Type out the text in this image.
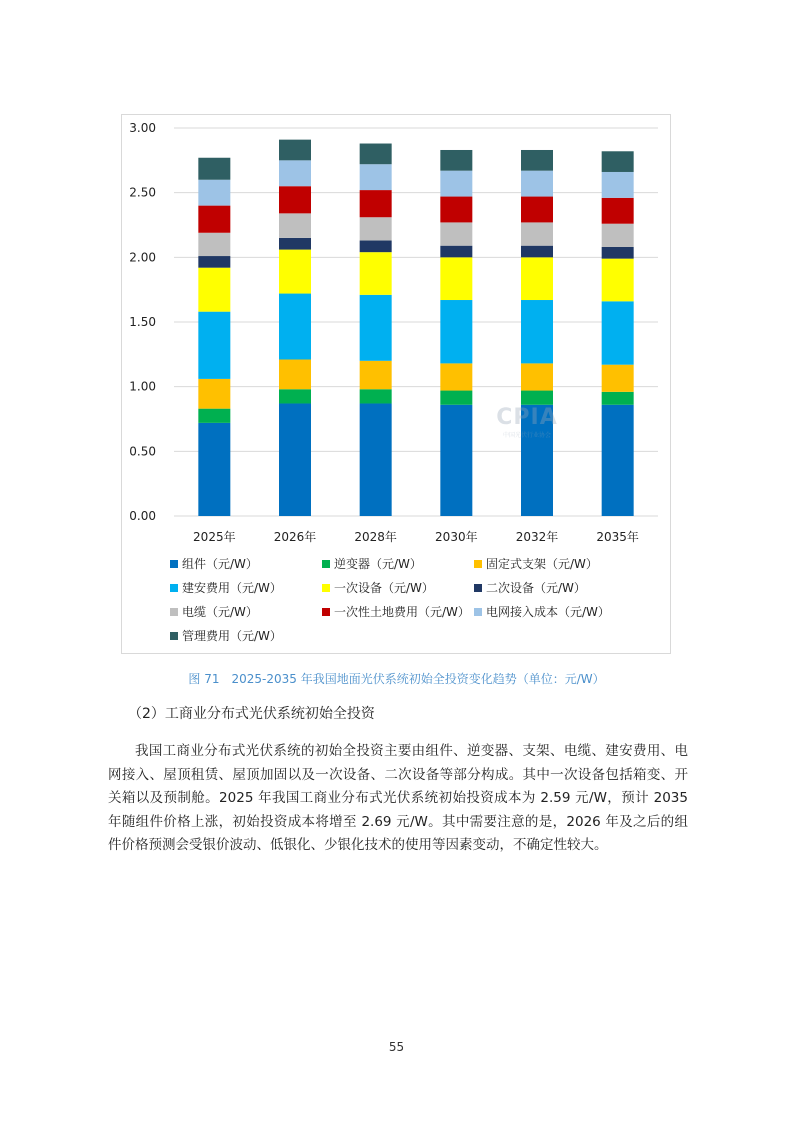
0.00
0.50
1.00
1.50
2.00
2.50
3.00
2025年	2026年	2028年	2030年	2032年	2035年
CPIA
中国光伏行业协会
组件（元/W）	逆变器（元/W）	固定式支架（元/W）
建安费用（元/W）	一次设备（元/W）	二次设备（元/W）
电缆（元/W）	一次性土地费用（元/W） 电网接入成本（元/W）
管理费用（元/W）
图 71　2025-2035 年我国地面光伏系统初始全投资变化趋势（单位：元/W）
（2）工商业分布式光伏系统初始全投资

我国工商业分布式光伏系统的初始全投资主要由组件、逆变器、支架、电缆、建安费用、电网接入、屋顶租赁、屋顶加固以及一次设备、二次设备等部分构成。其中一次设备包括箱变、开关箱以及预制舱。2025 年我国工商业分布式光伏系统初始投资成本为 2.59 元/W，预计 2035 年随组件价格上涨，初始投资成本将增至 2.69 元/W。其中需要注意的是，2026 年及之后的组件价格预测会受银价波动、低银化、少银化技术的使用等因素变动，不确定性较大。

55
